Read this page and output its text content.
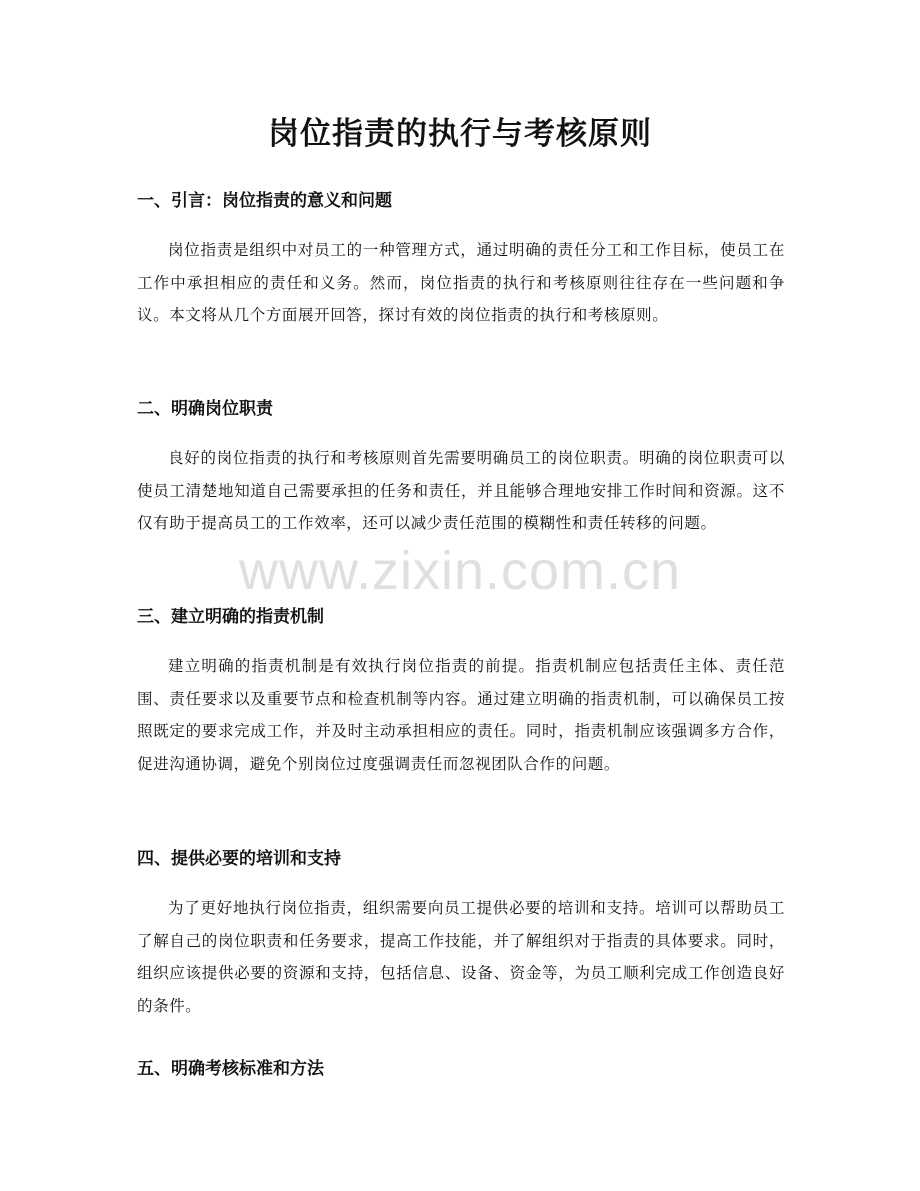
岗位指责的执行与考核原则
一、引言：岗位指责的意义和问题

岗位指责是组织中对员工的一种管理方式，通过明确的责任分工和工作目标，使员工在工作中承担相应的责任和义务。然而，岗位指责的执行和考核原则往往存在一些问题和争议。本文将从几个方面展开回答，探讨有效的岗位指责的执行和考核原则。

二、明确岗位职责

良好的岗位指责的执行和考核原则首先需要明确员工的岗位职责。明确的岗位职责可以使员工清楚地知道自己需要承担的任务和责任，并且能够合理地安排工作时间和资源。这不仅有助于提高员工的工作效率，还可以减少责任范围的模糊性和责任转移的问题。

三、建立明确的指责机制

建立明确的指责机制是有效执行岗位指责的前提。指责机制应包括责任主体、责任范围、责任要求以及重要节点和检查机制等内容。通过建立明确的指责机制，可以确保员工按照既定的要求完成工作，并及时主动承担相应的责任。同时，指责机制应该强调多方合作，促进沟通协调，避免个别岗位过度强调责任而忽视团队合作的问题。

四、提供必要的培训和支持

为了更好地执行岗位指责，组织需要向员工提供必要的培训和支持。培训可以帮助员工了解自己的岗位职责和任务要求，提高工作技能，并了解组织对于指责的具体要求。同时，组织应该提供必要的资源和支持，包括信息、设备、资金等，为员工顺利完成工作创造良好的条件。

五、明确考核标准和方法
www.zixin.com.cn
